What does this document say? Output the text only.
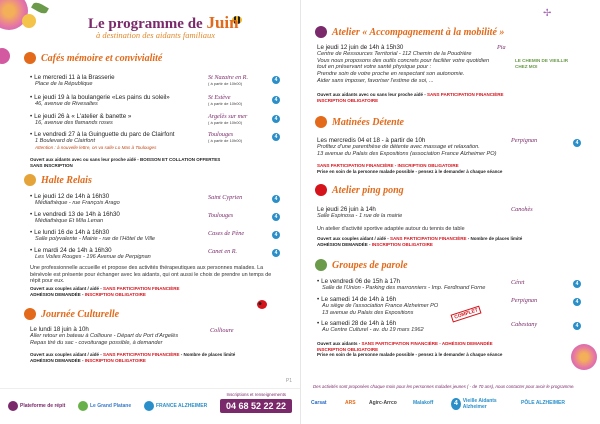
Le programme de Juin
à destination des aidants familiaux
Cafés mémoire et convivialité
• Le mercredi 11 à la Brasserie
Place de la République
St Nazaire en R.
( à partir de 10h00)
4
• Le jeudi 19 à la boulangerie «Les pains du soleil»
46, avenue de Rivesaltes
St Estève
( à partir de 10h00)
4
• Le jeudi 26 à « L'atelier & banette »
16, avenue des flamands roses
Argelès sur mer
( à partir de 10h00)
4
• Le vendredi 27 à la Guinguette du parc de Clairfont
1 Boulevard de Clairfont
Attention : à nouvelle lettre, on va salle Lo Mas à Toulouges
Toulouges
( à partir de 10h00)
4
Ouvert aux aidants avec ou sans leur proche aidé - BOISSON ET COLLATION OFFERTES
SANS INSCRIPTION
Halte Relais
• Le jeudi 12 de 14h à 16h30
Médiathèque - rue François Arago
Saint Cyprien	4
• Le vendredi 13 de 14h à 16h30
Médiathèque Et Mila Lenan
Toulouges	4
• Le lundi 16 de 14h à 16h30
Salle polyvalente - Mairie - rue de l'Hôtel de Ville
Cases de Pène	4
• Le mardi 24 de 14h à 16h30
Les Voiles Rouges - 196 Avenue de Perpignan
Canet en R.	4
Une professionnelle accueille et propose des activités thérapeutiques aux personnes malades. La bénévole est présente pour échanger avec les aidants, qui ont aussi le choix de prendre un temps de répit pour eux.
Ouvert aux couples aidant / aidé - SANS PARTICIPATION FINANCIÈRE
ADHÉSION DEMANDÉE - INSCRIPTION OBLIGATOIRE
Journée Culturelle
Le lundi 18 juin à 10h
Aller retour en bateau à Collioure - Départ du Port d'Argelès
Repas tiré du sac - covoiturage possible, à demander
Collioure
Ouvert aux couples aidant / aidé - SANS PARTICIPATION FINANCIÈRE - Nombre de places limité
ADHÉSION DEMANDÉE - INSCRIPTION OBLIGATOIRE
P1
Plateforme de répit	Le Grand Platane	FRANCE ALZHEIMER
Inscriptions et renseignements
04 68 52 22 22
✢
Atelier « Accompagnement à la mobilité »
Le jeudi 12 juin de 14h à 15h30
Centre de Ressources Territorial - 112 Chemin de la Poudrière
Vous nous proposons des outils concrets pour faciliter votre quotidien
tout en préservant votre santé physique pour :
Prendre soin de votre proche en respectant son autonomie.
Aider sans imposer, favoriser l'estime de soi, ...
Pia
LE CHEMIN DE VIEILLIR CHEZ MOI
Ouvert aux aidants avec ou sans leur proche aidé - SANS PARTICIPATION FINANCIÈRE
INSCRIPTION OBLIGATOIRE
Matinées Détente
Les mercredis 04 et 18 - à partir de 10h
Profitez d'une parenthèse de détente avec massage et relaxation.
13 avenue du Palais des Expositions (association France Alzheimer PO)
Perpignan	4
SANS PARTICIPATION FINANCIÈRE - INSCRIPTION OBLIGATOIRE
Prise en soin de la personne malade possible - pensez à le demander à chaque séance
Atelier ping pong
Le jeudi 26 juin à 14h
Salle Espinosa - 1 rue de la mairie
Canohès
Un atelier d'activité sportive adaptée autour du tennis de table
Ouvert aux couples aidant / aidé - SANS PARTICIPATION FINANCIÈRE - Nombre de places limité
ADHÉSION DEMANDÉE - INSCRIPTION OBLIGATOIRE
Groupes de parole
• Le vendredi 06 de 15h à 17h
Salle de l'Union - Parking des marronniers - Imp. Ferdinand Forne
Céret	4
• Le samedi 14 de 14h à 16h
Au siège de l'association France Alzheimer PO
13 avenue du Palais des Expositions
Perpignan	4
COMPLET
• Le samedi 28 de 14h à 16h
Au Centre Culturel - av. du 19 mars 1962
Cabestany	4
Ouvert aux aidants - SANS PARTICIPATION FINANCIÈRE - ADHÉSION DEMANDÉE
INSCRIPTION OBLIGATOIRE
Prise en soin de la personne malade possible - pensez à le demander à chaque séance
Des activités sont proposées chaque mois pour les personnes malades jeunes ( - de 70 ans), nous contacter pour avoir le programme.
Carsat	ARS	Agirc-Arrco	Malakoff	4 Vieille Aidants Alzheimer
PÔLE ALZHEIMER
